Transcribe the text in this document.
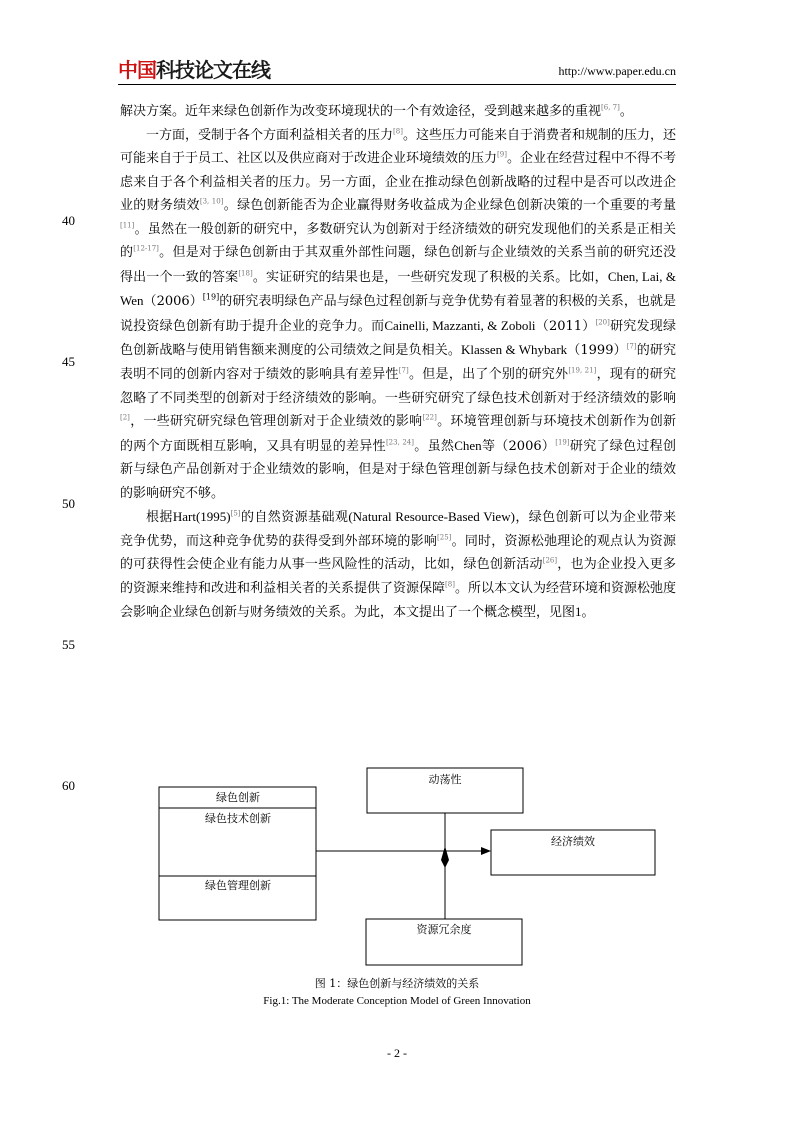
中国科技论文在线	http://www.paper.edu.cn
40
45
50
55
60

解决方案。近年来绿色创新作为改变环境现状的一个有效途径，受到越来越多的重视[6, 7]。

一方面，受制于各个方面利益相关者的压力[8]。这些压力可能来自于消费者和规制的压力，还可能来自于于员工、社区以及供应商对于改进企业环境绩效的压力[9]。企业在经营过程中不得不考虑来自于各个利益相关者的压力。另一方面，企业在推动绿色创新战略的过程中是否可以改进企业的财务绩效[3, 10]。绿色创新能否为企业赢得财务收益成为企业绿色创新决策的一个重要的考量[11]。虽然在一般创新的研究中，多数研究认为创新对于经济绩效的研究发现他们的关系是正相关的[12-17]。但是对于绿色创新由于其双重外部性问题，绿色创新与企业绩效的关系当前的研究还没得出一个一致的答案[18]。实证研究的结果也是，一些研究发现了积极的关系。比如，Chen, Lai, & Wen（2006）[19]的研究表明绿色产品与绿色过程创新与竞争优势有着显著的积极的关系，也就是说投资绿色创新有助于提升企业的竞争力。而Cainelli, Mazzanti, & Zoboli（2011）[20]研究发现绿色创新战略与使用销售额来测度的公司绩效之间是负相关。Klassen & Whybark（1999）[7]的研究表明不同的创新内容对于绩效的影响具有差异性[7]。但是，出了个别的研究外[19, 21]，现有的研究忽略了不同类型的创新对于经济绩效的影响。一些研究研究了绿色技术创新对于经济绩效的影响[2]，一些研究研究绿色管理创新对于企业绩效的影响[22]。环境管理创新与环境技术创新作为创新的两个方面既相互影响，又具有明显的差异性[23, 24]。虽然Chen等（2006）[19]研究了绿色过程创新与绿色产品创新对于企业绩效的影响，但是对于绿色管理创新与绿色技术创新对于企业的绩效的影响研究不够。

根据Hart(1995)[5]的自然资源基础观(Natural Resource-Based View)，绿色创新可以为企业带来竞争优势，而这种竞争优势的获得受到外部环境的影响[25]。同时，资源松弛理论的观点认为资源的可获得性会使企业有能力从事一些风险性的活动，比如，绿色创新活动[26]，也为企业投入更多的资源来维持和改进和利益相关者的关系提供了资源保障[8]。所以本文认为经营环境和资源松弛度会影响企业绿色创新与财务绩效的关系。为此，本文提出了一个概念模型，见图1。

绿色创新
绿色技术创新
绿色管理创新
动荡性
经济绩效
资源冗余度
图 1：绿色创新与经济绩效的关系
Fig.1: The Moderate Conception Model of Green Innovation
- 2 -
